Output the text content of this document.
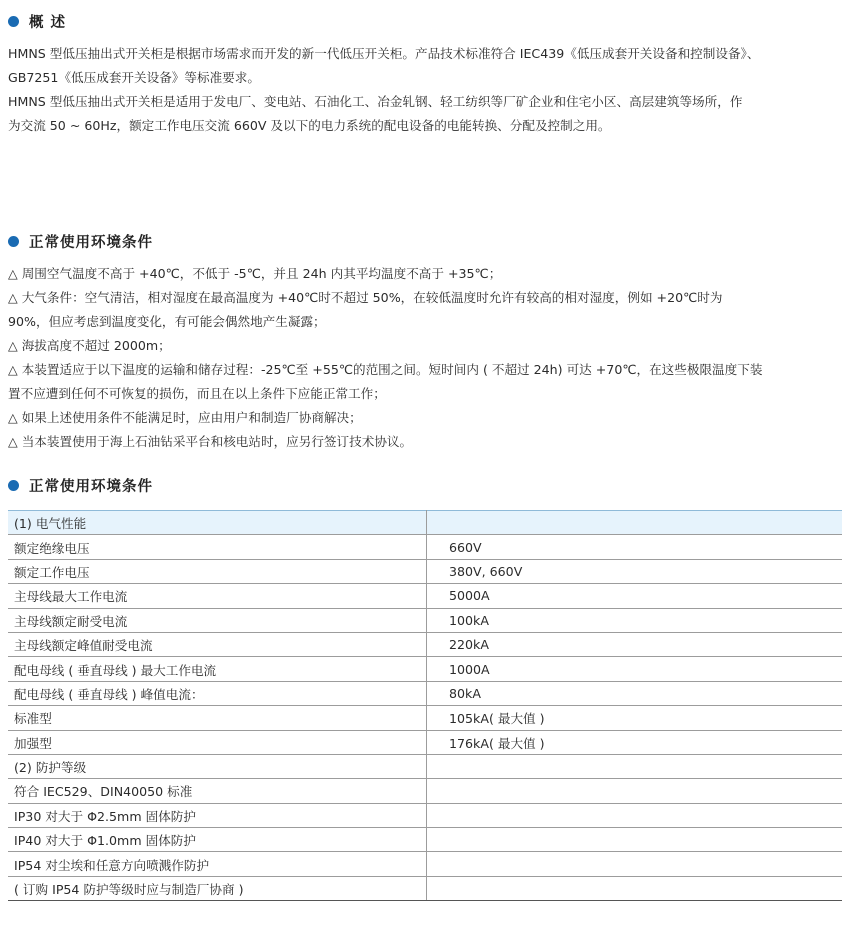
概 述

HMNS 型低压抽出式开关柜是根据市场需求而开发的新一代低压开关柜。产品技术标准符合 IEC439《低压成套开关设备和控制设备》、

GB7251《低压成套开关设备》等标准要求。

HMNS 型低压抽出式开关柜是适用于发电厂、变电站、石油化工、冶金轧钢、轻工纺织等厂矿企业和住宅小区、高层建筑等场所，作

为交流 50 ~ 60Hz，额定工作电压交流 660V 及以下的电力系统的配电设备的电能转换、分配及控制之用。

正常使用环境条件

△ 周围空气温度不高于 +40℃，不低于 -5℃，并且 24h 内其平均温度不高于 +35℃；

△ 大气条件：空气清洁，相对湿度在最高温度为 +40℃时不超过 50%，在较低温度时允许有较高的相对湿度，例如 +20℃时为

90%，但应考虑到温度变化，有可能会偶然地产生凝露；

△ 海拔高度不超过 2000m；

△ 本装置适应于以下温度的运输和储存过程：-25℃至 +55℃的范围之间。短时间内 ( 不超过 24h) 可达 +70℃，在这些极限温度下装

置不应遭到任何不可恢复的损伤，而且在以上条件下应能正常工作；

△ 如果上述使用条件不能满足时，应由用户和制造厂协商解决；

△ 当本装置使用于海上石油钻采平台和核电站时，应另行签订技术协议。

正常使用环境条件
(1) 电气性能	
额定绝缘电压	660V
额定工作电压	380V, 660V
主母线最大工作电流	5000A
主母线额定耐受电流	100kA
主母线额定峰值耐受电流	220kA
配电母线 ( 垂直母线 ) 最大工作电流	1000A
配电母线 ( 垂直母线 ) 峰值电流：	80kA
标准型	105kA( 最大值 )
加强型	176kA( 最大值 )
(2) 防护等级	
符合 IEC529、DIN40050 标准	
IP30 对大于 Φ2.5mm 固体防护	
IP40 对大于 Φ1.0mm 固体防护	
IP54 对尘埃和任意方向喷溅作防护	
( 订购 IP54 防护等级时应与制造厂协商 )	
